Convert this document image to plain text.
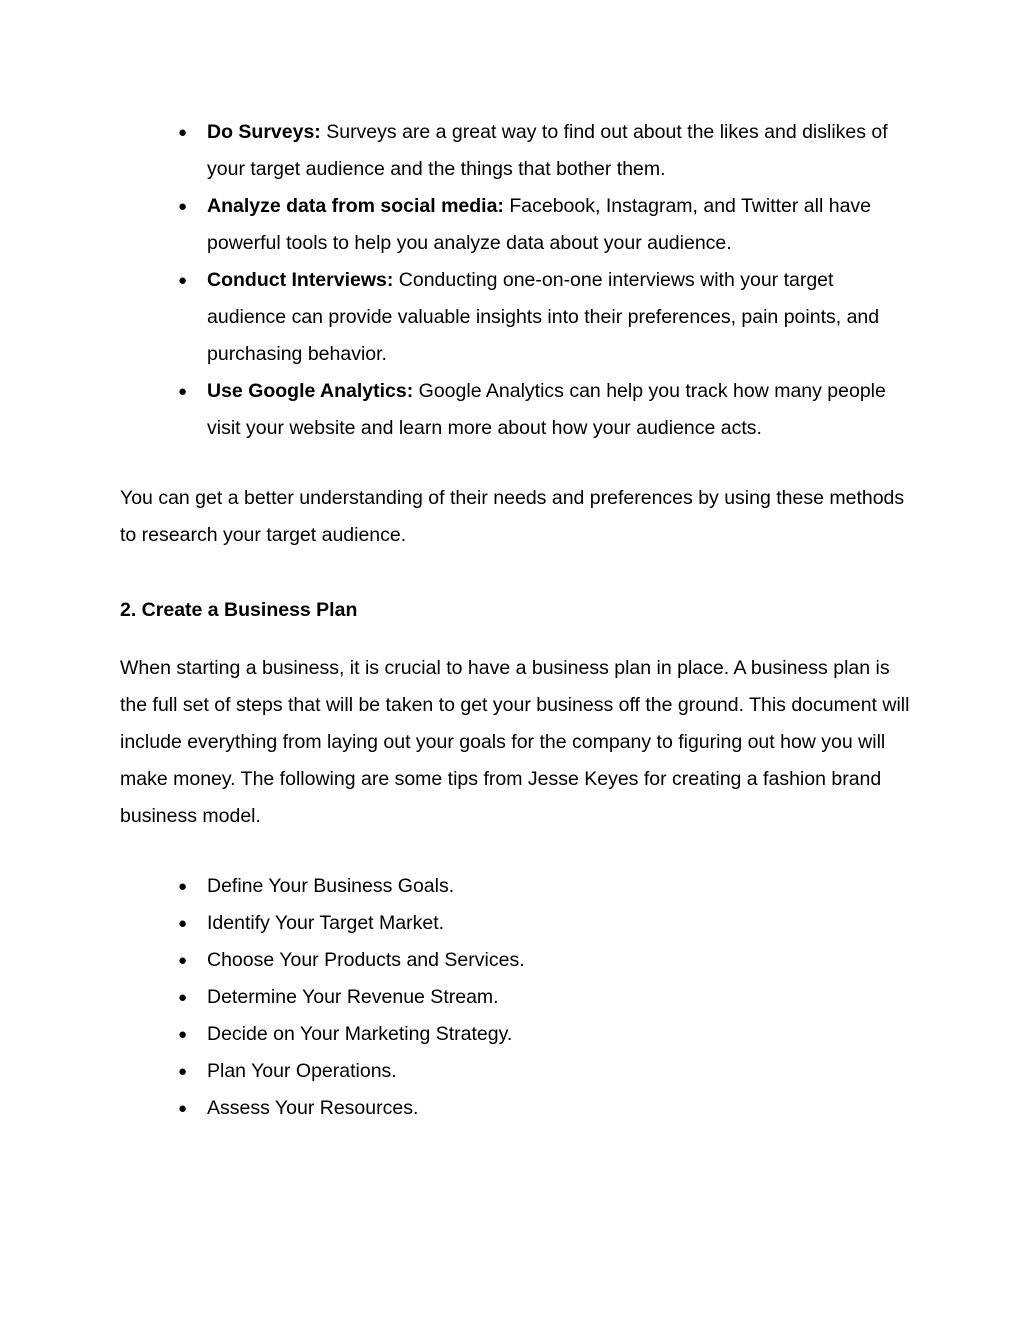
● Do Surveys: Surveys are a great way to find out about the likes and dislikes of your target audience and the things that bother them.
● Analyze data from social media: Facebook, Instagram, and Twitter all have powerful tools to help you analyze data about your audience.
● Conduct Interviews: Conducting one-on-one interviews with your target audience can provide valuable insights into their preferences, pain points, and purchasing behavior.
● Use Google Analytics: Google Analytics can help you track how many people visit your website and learn more about how your audience acts.

You can get a better understanding of their needs and preferences by using these methods to research your target audience.

2. Create a Business Plan

When starting a business, it is crucial to have a business plan in place. A business plan is the full set of steps that will be taken to get your business off the ground. This document will include everything from laying out your goals for the company to figuring out how you will make money. The following are some tips from Jesse Keyes for creating a fashion brand business model.

● Define Your Business Goals.
● Identify Your Target Market.
● Choose Your Products and Services.
● Determine Your Revenue Stream.
● Decide on Your Marketing Strategy.
● Plan Your Operations.
● Assess Your Resources.
